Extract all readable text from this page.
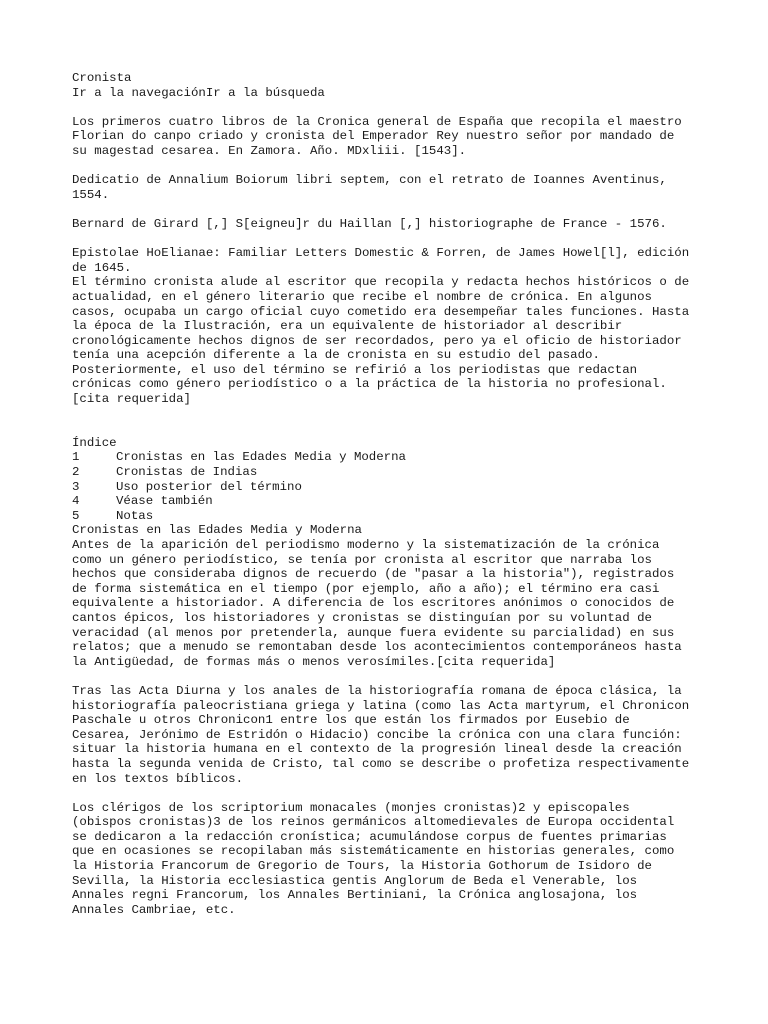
Cronista
Ir a la navegaciónIr a la búsqueda
Los primeros cuatro libros de la Cronica general de España que recopila el maestro
Florian do canpo criado y cronista del Emperador Rey nuestro señor por mandado de
su magestad cesarea. En Zamora. Año. MDxliii. [1543].
Dedicatio de Annalium Boiorum libri septem, con el retrato de Ioannes Aventinus,
1554.
Bernard de Girard [,] S[eigneu]r du Haillan [,] historiographe de France - 1576.
Epistolae HoElianae: Familiar Letters Domestic & Forren, de James Howel[l], edición
de 1645.
El término cronista alude al escritor que recopila y redacta hechos históricos o de
actualidad, en el género literario que recibe el nombre de crónica. En algunos
casos, ocupaba un cargo oficial cuyo cometido era desempeñar tales funciones. Hasta
la época de la Ilustración, era un equivalente de historiador al describir
cronológicamente hechos dignos de ser recordados, pero ya el oficio de historiador
tenía una acepción diferente a la de cronista en su estudio del pasado.
Posteriormente, el uso del término se refirió a los periodistas que redactan
crónicas como género periodístico o a la práctica de la historia no profesional.
[cita requerida]
Índice
1	Cronistas en las Edades Media y Moderna
2	Cronistas de Indias
3	Uso posterior del término
4	Véase también
5	Notas
Cronistas en las Edades Media y Moderna
Antes de la aparición del periodismo moderno y la sistematización de la crónica
como un género periodístico, se tenía por cronista al escritor que narraba los
hechos que consideraba dignos de recuerdo (de "pasar a la historia"), registrados
de forma sistemática en el tiempo (por ejemplo, año a año); el término era casi
equivalente a historiador. A diferencia de los escritores anónimos o conocidos de
cantos épicos, los historiadores y cronistas se distinguían por su voluntad de
veracidad (al menos por pretenderla, aunque fuera evidente su parcialidad) en sus
relatos; que a menudo se remontaban desde los acontecimientos contemporáneos hasta
la Antigüedad, de formas más o menos verosímiles.[cita requerida]
Tras las Acta Diurna y los anales de la historiografía romana de época clásica, la
historiografía paleocristiana griega y latina (como las Acta martyrum, el Chronicon
Paschale u otros Chronicon1 entre los que están los firmados por Eusebio de
Cesarea, Jerónimo de Estridón o Hidacio) concibe la crónica con una clara función:
situar la historia humana en el contexto de la progresión lineal desde la creación
hasta la segunda venida de Cristo, tal como se describe o profetiza respectivamente
en los textos bíblicos.
Los clérigos de los scriptorium monacales (monjes cronistas)2 y episcopales
(obispos cronistas)3 de los reinos germánicos altomedievales de Europa occidental
se dedicaron a la redacción cronística; acumulándose corpus de fuentes primarias
que en ocasiones se recopilaban más sistemáticamente en historias generales, como
la Historia Francorum de Gregorio de Tours, la Historia Gothorum de Isidoro de
Sevilla, la Historia ecclesiastica gentis Anglorum de Beda el Venerable, los
Annales regni Francorum, los Annales Bertiniani, la Crónica anglosajona, los
Annales Cambriae, etc.
